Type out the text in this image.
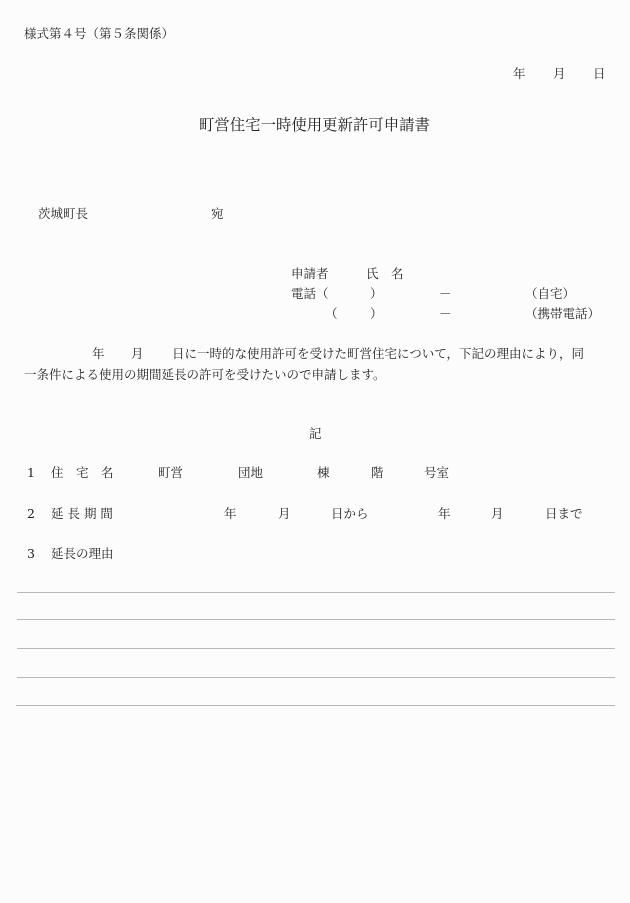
様式第４号（第５条関係）
年 月 日
町営住宅一時使用更新許可申請書
茨城町長	宛
申請者	氏　名
電話（	）	－	（自宅）
（	）	－	（携帯電話）
年 月 日に一時的な使用許可を受けた町営住宅について，下記の理由により，同
一条件による使用の期間延長の許可を受けたいので申請します。
記
1 住　宅　名	町営	団地	棟	階	号室
2 延 長 期 間	年	月	日から	年	月	日まで
3 延長の理由
